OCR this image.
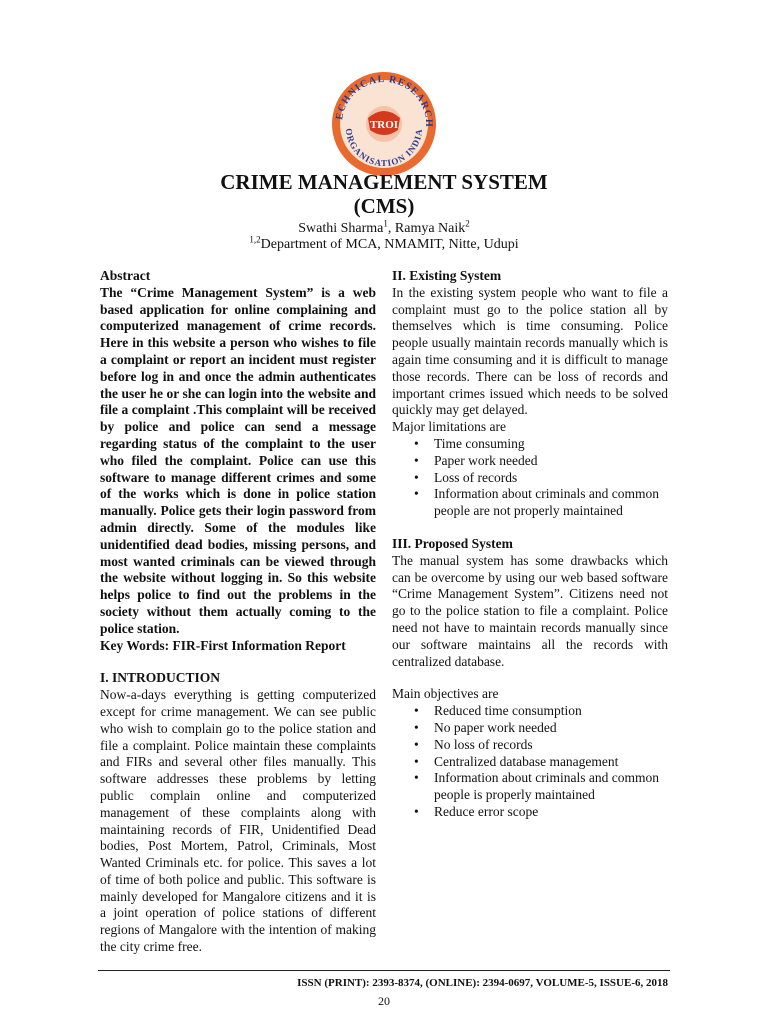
ECHNICAL RESEARCH
ORGANISATION INDIA
TROI
CRIME MANAGEMENT SYSTEM
(CMS)
Swathi Sharma$^1$, Ramya Naik$^2$
$^{1,2}$Department of MCA, NMAMIT, Nitte, Udupi

Abstract

The “Crime Management System” is a web based application for online complaining and computerized management of crime records. Here in this website a person who wishes to file a complaint or report an incident must register before log in and once the admin authenticates the user he or she can login into the website and file a complaint .This complaint will be received by police and police can send a message regarding status of the complaint to the user who filed the complaint. Police can use this software to manage different crimes and some of the works which is done in police station manually. Police gets their login password from admin directly. Some of the modules like unidentified dead bodies, missing persons, and most wanted criminals can be viewed through the website without logging in. So this website helps police to find out the problems in the society without them actually coming to the police station.

Key Words: FIR-First Information Report

I. INTRODUCTION

Now-a-days everything is getting computerized except for crime management. We can see public who wish to complain go to the police station and file a complaint. Police maintain these complaints and FIRs and several other files manually. This software addresses these problems by letting public complain online and computerized management of these complaints along with maintaining records of FIR, Unidentified Dead bodies, Post Mortem, Patrol, Criminals, Most Wanted Criminals etc. for police. This saves a lot of time of both police and public. This software is mainly developed for Mangalore citizens and it is a joint operation of police stations of different regions of Mangalore with the intention of making the city crime free.

II. Existing System

In the existing system people who want to file a complaint must go to the police station all by themselves which is time consuming. Police people usually maintain records manually which is again time consuming and it is difficult to manage those records. There can be loss of records and important crimes issued which needs to be solved quickly may get delayed.

Major limitations are

• Time consuming
• Paper work needed
• Loss of records
• Information about criminals and common people are not properly maintained

III. Proposed System

The manual system has some drawbacks which can be overcome by using our web based software “Crime Management System”. Citizens need not go to the police station to file a complaint. Police need not have to maintain records manually since our software maintains all the records with centralized database.

Main objectives are

• Reduced time consumption
• No paper work needed
• No loss of records
• Centralized database management
• Information about criminals and common people is properly maintained
• Reduce error scope
ISSN (PRINT): 2393-8374, (ONLINE): 2394-0697, VOLUME-5, ISSUE-6, 2018
20
